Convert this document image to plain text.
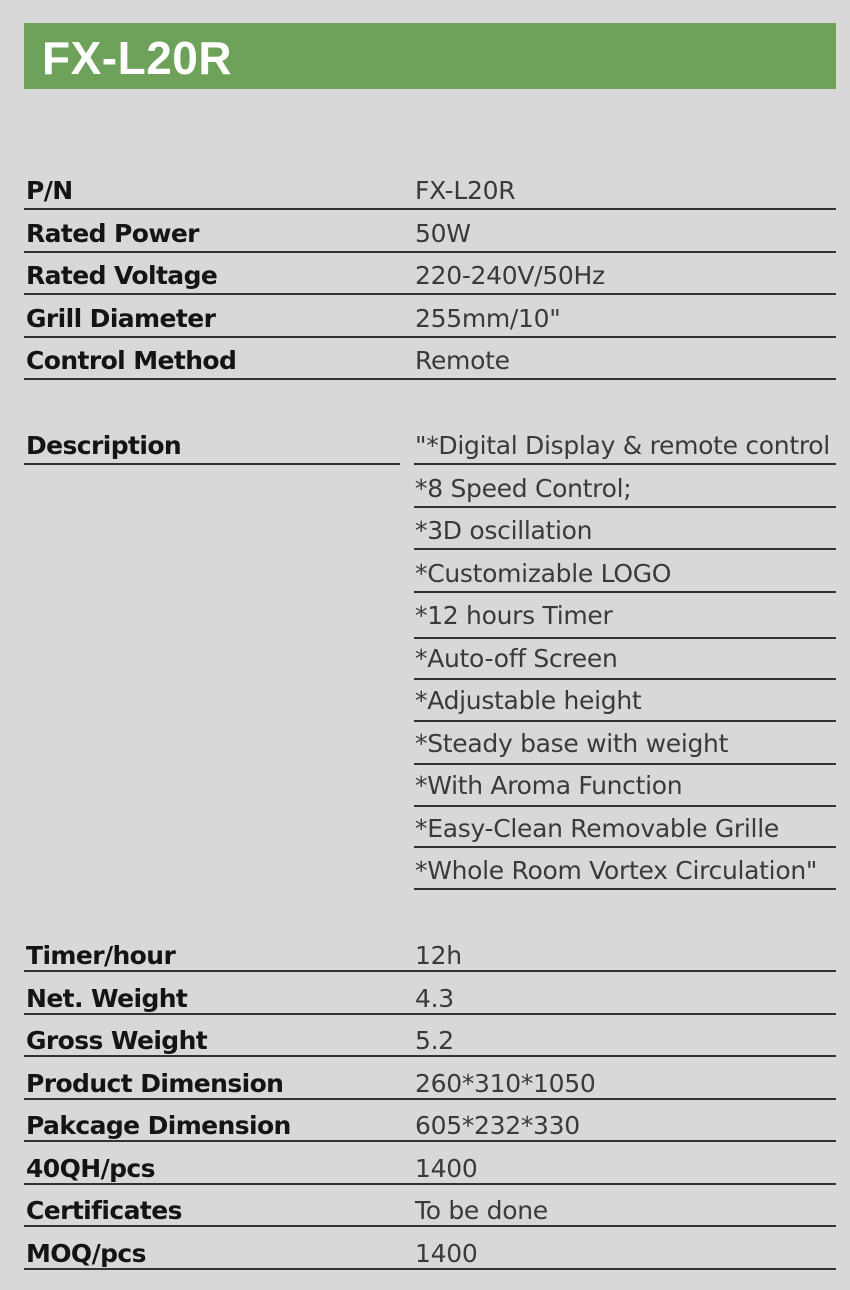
FX-L20R
P/N	FX-L20R
Rated Power	50W
Rated Voltage	220-240V/50Hz
Grill Diameter	255mm/10"
Control Method	Remote
Description	"*Digital Display & remote control
*8 Speed Control;
*3D oscillation
*Customizable LOGO
*12 hours Timer
*Auto-off Screen
*Adjustable height
*Steady base with weight
*With Aroma Function
*Easy-Clean Removable Grille
*Whole Room Vortex Circulation"
Timer/hour	12h
Net. Weight	4.3
Gross Weight	5.2
Product Dimension	260*310*1050
Pakcage Dimension	605*232*330
40QH/pcs	1400
Certificates	To be done
MOQ/pcs	1400
